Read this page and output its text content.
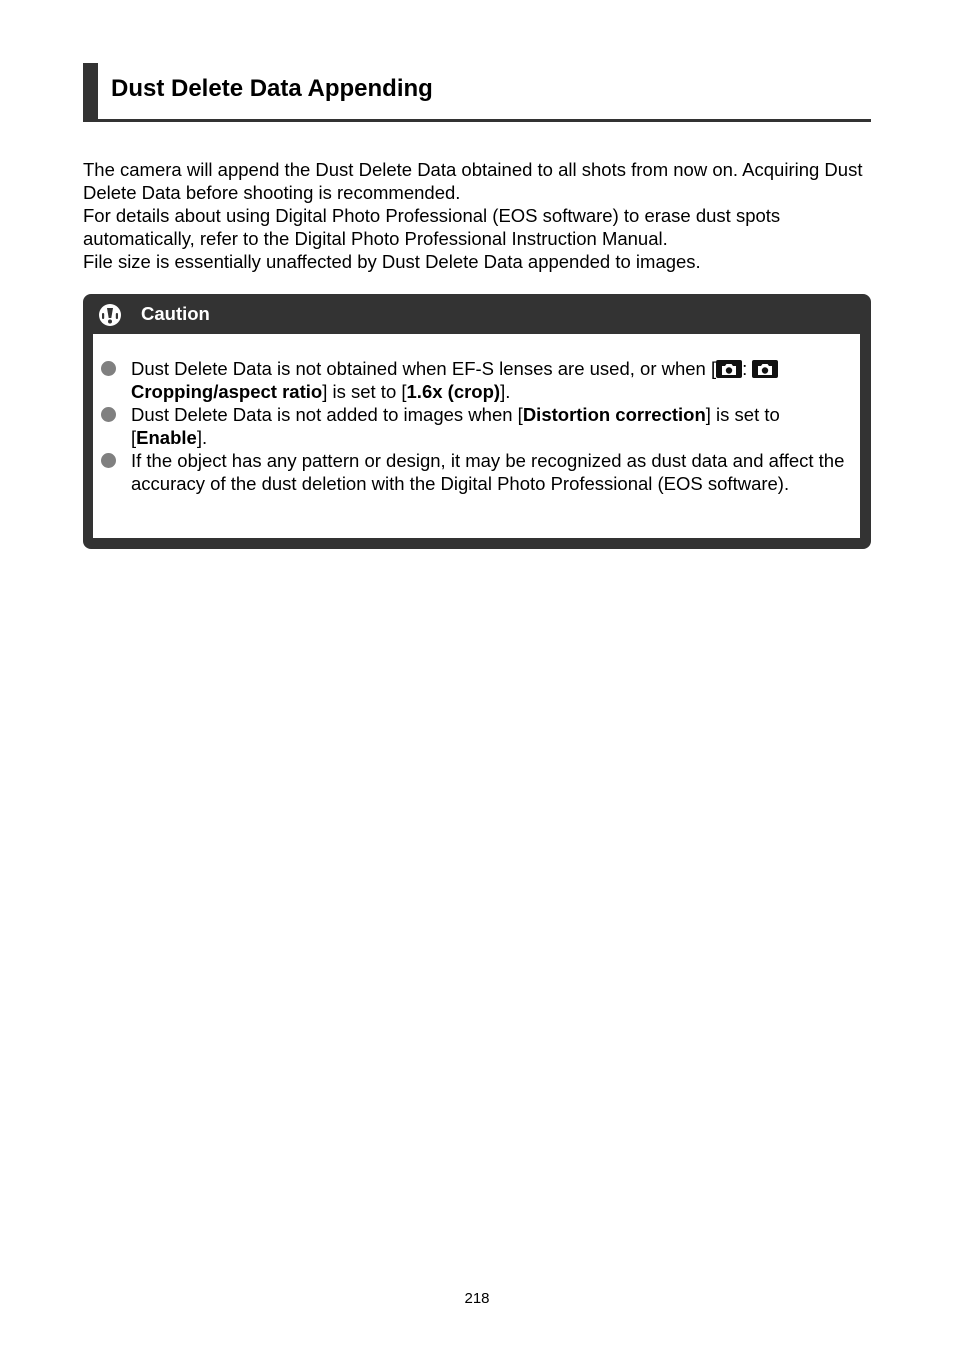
Dust Delete Data Appending

The camera will append the Dust Delete Data obtained to all shots from now on. Acquiring Dust Delete Data before shooting is recommended.

For details about using Digital Photo Professional (EOS software) to erase dust spots automatically, refer to the Digital Photo Professional Instruction Manual.

File size is essentially unaffected by Dust Delete Data appended to images.

Caution
Dust Delete Data is not obtained when EF-S lenses are used, or when [ :  Cropping/aspect ratio] is set to [1.6x (crop)].
Dust Delete Data is not added to images when [Distortion correction] is set to [Enable].
If the object has any pattern or design, it may be recognized as dust data and affect the accuracy of the dust deletion with the Digital Photo Professional (EOS software).
218
